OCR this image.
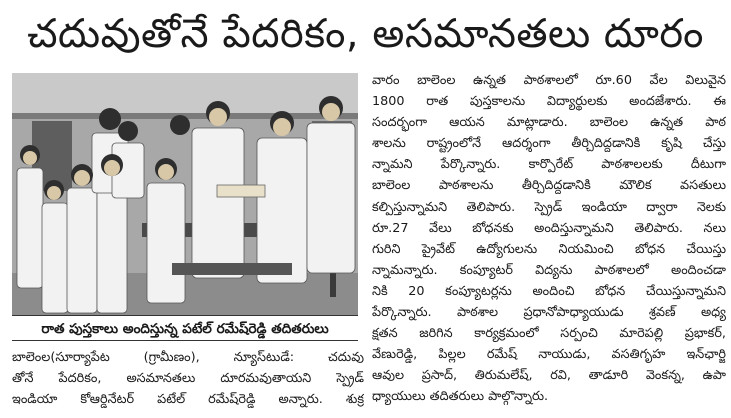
చదువుతోనే పేదరికం, అసమానతలు దూరం
రాత పుస్తకాలు అందిస్తున్న పటేల్ రమేష్‌రెడ్డి తదితరులు
వారం బాలెంల ఉన్నత పాఠశాలలో రూ.60 వేల విలువైన
1800 రాత పుస్తకాలను విద్యార్థులకు అందజేశారు. ఈ
సందర్భంగా ఆయన మాట్లాడారు. బాలెంల ఉన్నత పాఠ
శాలను రాష్ట్రంలోనే ఆదర్శంగా తీర్చిదిద్దడానికి కృషి చేస్తు
న్నామని పేర్కొన్నారు. కార్పొరేట్ పాఠశాలలకు దీటుగా
బాలెంల పాఠశాలను తీర్చిదిద్దడానికి మౌలిక వసతులు
కల్పిస్తున్నామని తెలిపారు. స్ప్రెడ్ ఇండియా ద్వారా నెలకు
రూ.27 వేలు బోధనకు అందిస్తున్నామని తెలిపారు. నలు
గురిని ప్రైవేట్ ఉద్యోగులను నియమించి బోధన చేయిస్తు
న్నామన్నారు. కంప్యూటర్ విద్యను పాఠశాలలో అందించడా
నికి 20 కంప్యూటర్లను అందించి బోధన చేయిస్తున్నామని
పేర్కొన్నారు. పాఠశాల ప్రధానోపాధ్యాయుడు శ్రవణ్ అధ్య
క్షతన జరిగిన కార్యక్రమంలో సర్పంచి మారెపల్లి ప్రభాకర్,
వేణురెడ్డి, పిల్లల రమేష్ నాయుడు, వసతిగృహ ఇన్‌ఛార్జి
ఆవుల ప్రసాద్, తిరుమలేష్, రవి, తాడూరి వెంకన్న, ఉపా
ధ్యాయులు తదితరులు పాల్గొన్నారు.
బాలెంల(సూర్యాపేట (గ్రామీణం), న్యూస్‌టుడే: చదువు
తోనే పేదరికం, అసమానతలు దూరమవుతాయని స్ప్రెడ్
ఇండియా కోఆర్డినేటర్ పటేల్ రమేష్‌రెడ్డి అన్నారు. శుక్ర
